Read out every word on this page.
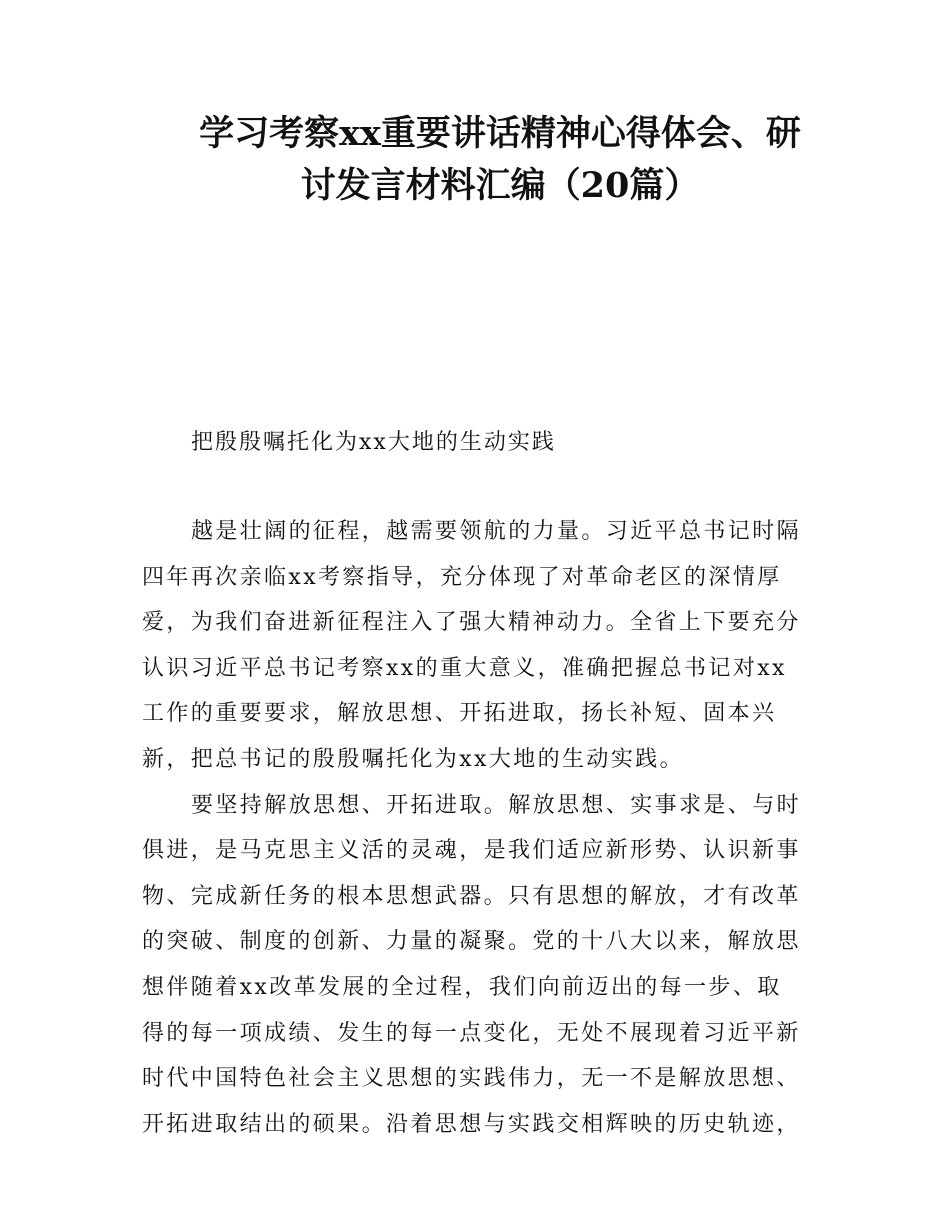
学习考察xx重要讲话精神心得体会、研
讨发言材料汇编（20篇）
把殷殷嘱托化为xx大地的生动实践
越是壮阔的征程，越需要领航的力量。习近平总书记时隔
四年再次亲临xx考察指导，充分体现了对革命老区的深情厚
爱，为我们奋进新征程注入了强大精神动力。全省上下要充分
认识习近平总书记考察xx的重大意义，准确把握总书记对xx
工作的重要要求，解放思想、开拓进取，扬长补短、固本兴
新，把总书记的殷殷嘱托化为xx大地的生动实践。
要坚持解放思想、开拓进取。解放思想、实事求是、与时
俱进，是马克思主义活的灵魂，是我们适应新形势、认识新事
物、完成新任务的根本思想武器。只有思想的解放，才有改革
的突破、制度的创新、力量的凝聚。党的十八大以来，解放思
想伴随着xx改革发展的全过程，我们向前迈出的每一步、取
得的每一项成绩、发生的每一点变化，无处不展现着习近平新
时代中国特色社会主义思想的实践伟力，无一不是解放思想、
开拓进取结出的硕果。沿着思想与实践交相辉映的历史轨迹，
